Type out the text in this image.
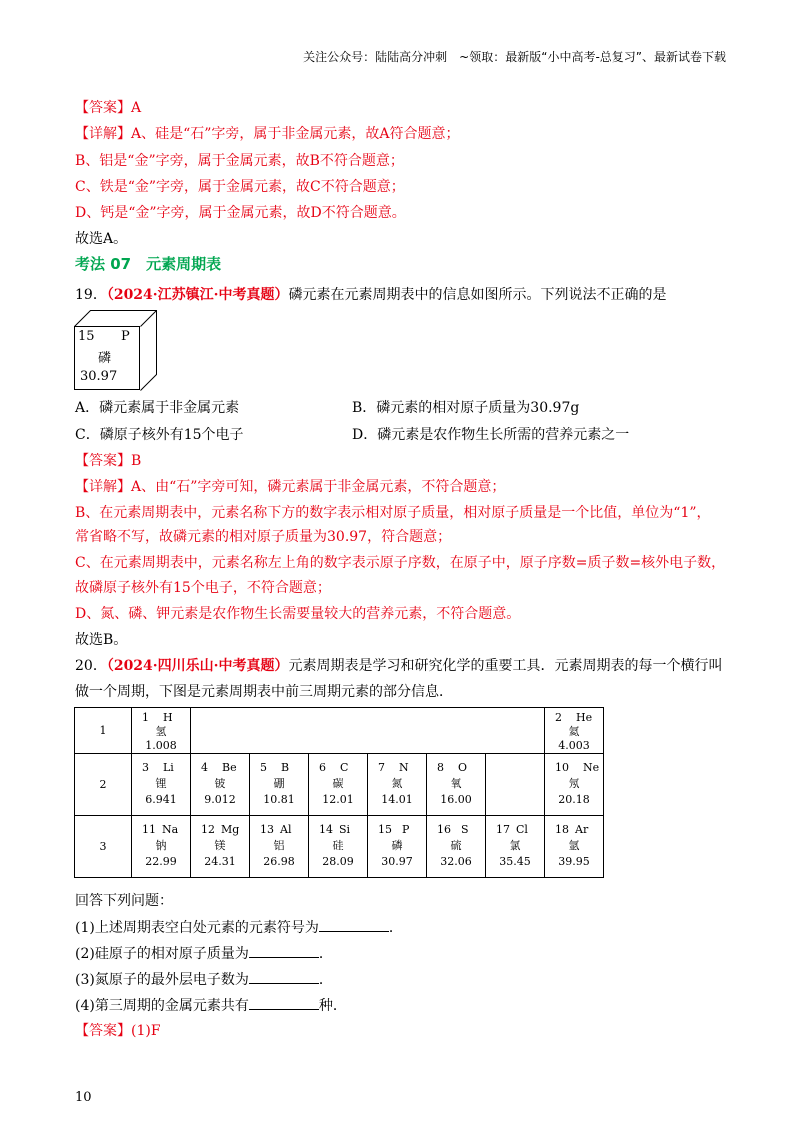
关注公众号：陆陆高分冲刺　~领取：最新版“小中高考-总复习”、最新试卷下载
【答案】A
【详解】A、硅是“石”字旁，属于非金属元素，故A符合题意；
B、铝是“金”字旁，属于金属元素，故B不符合题意；
C、铁是“金”字旁，属于金属元素，故C不符合题意；
D、钙是“金”字旁，属于金属元素，故D不符合题意。
故选A。
考法 07　元素周期表
19．（2024·江苏镇江·中考真题）磷元素在元素周期表中的信息如图所示。下列说法不正确的是
15 P
磷
30.97
A．磷元素属于非金属元素	B．磷元素的相对原子质量为30.97g
C．磷原子核外有15个电子	D．磷元素是农作物生长所需的营养元素之一
【答案】B
【详解】A、由“石”字旁可知，磷元素属于非金属元素，不符合题意；
B、在元素周期表中，元素名称下方的数字表示相对原子质量，相对原子质量是一个比值，单位为“1”，
常省略不写，故磷元素的相对原子质量为30.97，符合题意；
C、在元素周期表中，元素名称左上角的数字表示原子序数，在原子中，原子序数=质子数=核外电子数，
故磷原子核外有15个电子，不符合题意；
D、氮、磷、钾元素是农作物生长需要量较大的营养元素，不符合题意。
故选B。
20．（2024·四川乐山·中考真题）元素周期表是学习和研究化学的重要工具．元素周期表的每一个横行叫
做一个周期，下图是元素周期表中前三周期元素的部分信息．
1	1 H
氢
1.008							2 He
氦
4.003

2	3 Li
锂
6.941	4 Be
铍
9.012	5 B
硼
10.81	6 C
碳
12.01	7 N
氮
14.01	8 O
氧
16.00		10 Ne
氖
20.18

3	11 Na
钠
22.99	12 Mg
镁
24.31	13 Al
铝
26.98	14 Si
硅
28.09	15 P
磷
30.97	16 S
硫
32.06	17 Cl
氯
35.45	18 Ar
氩
39.95
回答下列问题：
(1)上述周期表空白处元素的元素符号为	．
(2)硅原子的相对原子质量为	．
(3)氮原子的最外层电子数为	．
(4)第三周期的金属元素共有	种．
【答案】(1)F
10
